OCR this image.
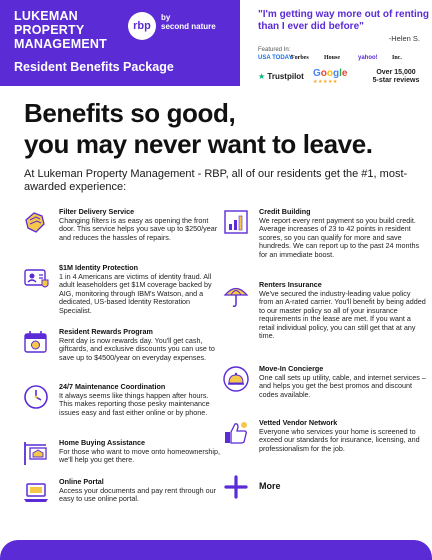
LUKEMAN
PROPERTY
MANAGEMENT
rbp
by
second nature
Resident Benefits Package
"I'm getting way more out of renting than I ever did before"
-Helen S.
Featured In:
USA TODAY
Forbes	House	yahoo! Inc.
★ Trustpilot Google
★★★★★
Over 15,000
5-star reviews
Benefits so good,
you may never want to leave.
At Lukeman Property Management - RBP, all of our residents get the #1, most-awarded experience:
Filter Delivery Service
Changing filters is as easy as opening the front door. This service helps you save up to $250/year and reduces the hassles of repairs.
$1M Identity Protection
1 in 4 Americans are victims of identity fraud. All adult leaseholders get $1M coverage backed by AIG, monitoring through IBM's Watson, and a dedicated, US-based Identity Restoration Specialist.
Resident Rewards Program
Rent day is now rewards day. You'll get cash, giftcards, and exclusive discounts you can use to save up to $4500/year on everyday expenses.
24/7 Maintenance Coordination
It always seems like things happen after hours. This makes reporting those pesky maintenance issues easy and fast either online or by phone.
Home Buying Assistance
For those who want to move onto homeownership, we'll help you get there.
Online Portal
Access your documents and pay rent through our easy to use online portal.
Credit Building
We report every rent payment so you build credit. Average increases of 23 to 42 points in resident scores, so you can qualify for more and save hundreds. We can report up to the past 24 months for an immediate boost.
Renters Insurance
We've secured the industry-leading value policy from an A-rated carrier. You'll benefit by being added to our master policy so all of your insurance requirements in the lease are met. If you want a retail individual policy, you can still get that at any time.
Move-In Concierge
One call sets up utility, cable, and internet services – and helps you get the best promos and discount codes available.
Vetted Vendor Network
Everyone who services your home is screened to exceed our standards for insurance, licensing, and professionalism for the job.
More
